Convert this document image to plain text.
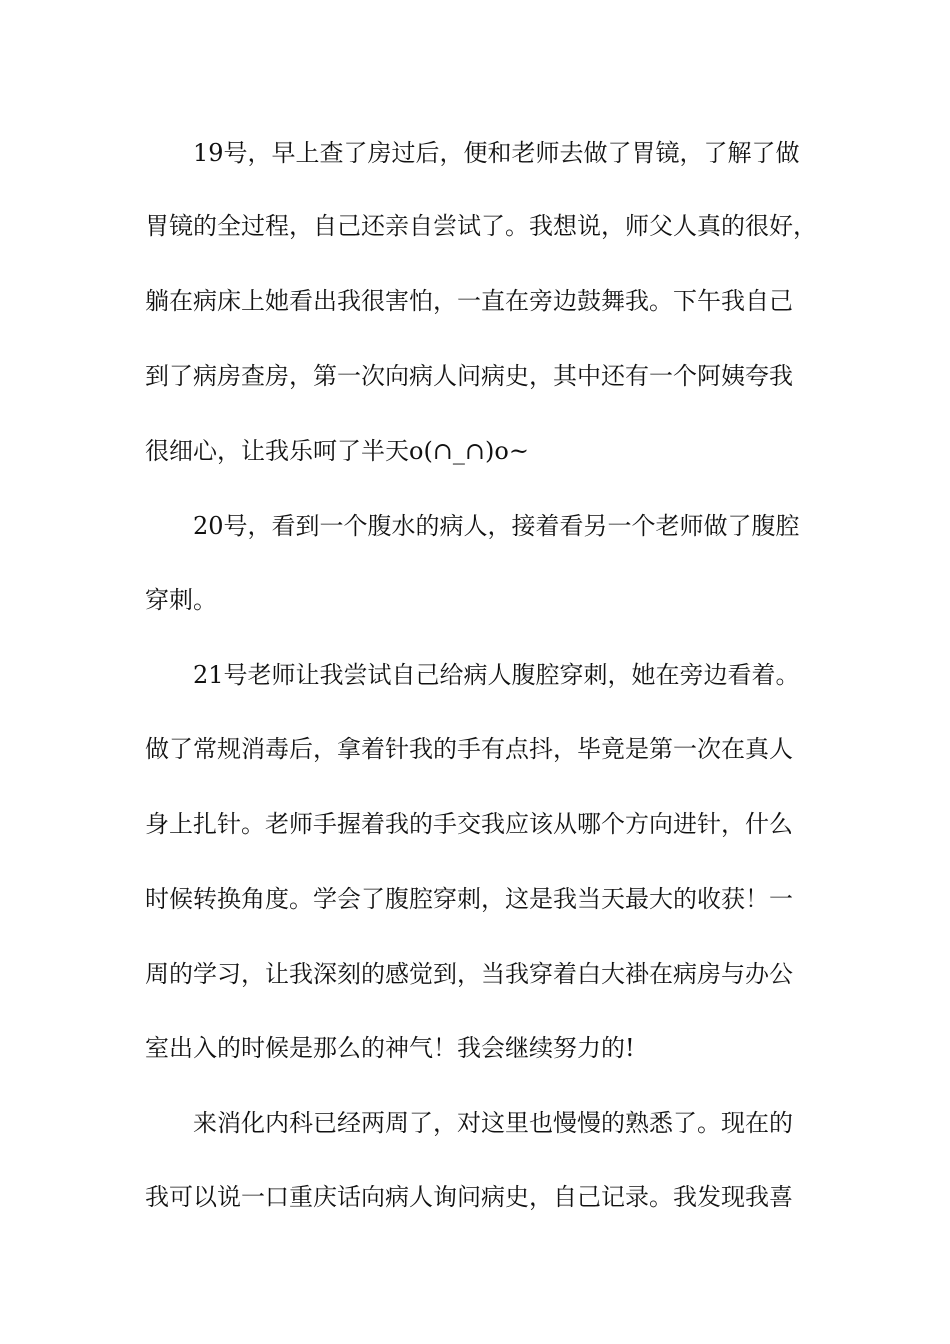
19号，早上查了房过后，便和老师去做了胃镜，了解了做
胃镜的全过程，自己还亲自尝试了。我想说，师父人真的很好，
躺在病床上她看出我很害怕，一直在旁边鼓舞我。下午我自己
到了病房查房，第一次向病人问病史，其中还有一个阿姨夸我
很细心，让我乐呵了半天o(∩_∩)o~
20号，看到一个腹水的病人，接着看另一个老师做了腹腔
穿刺。
21号老师让我尝试自己给病人腹腔穿刺，她在旁边看着。
做了常规消毒后，拿着针我的手有点抖，毕竟是第一次在真人
身上扎针。老师手握着我的手交我应该从哪个方向进针，什么
时候转换角度。学会了腹腔穿刺，这是我当天最大的收获！一
周的学习，让我深刻的感觉到，当我穿着白大褂在病房与办公
室出入的时候是那么的神气！我会继续努力的!
来消化内科已经两周了，对这里也慢慢的熟悉了。现在的
我可以说一口重庆话向病人询问病史，自己记录。我发现我喜
